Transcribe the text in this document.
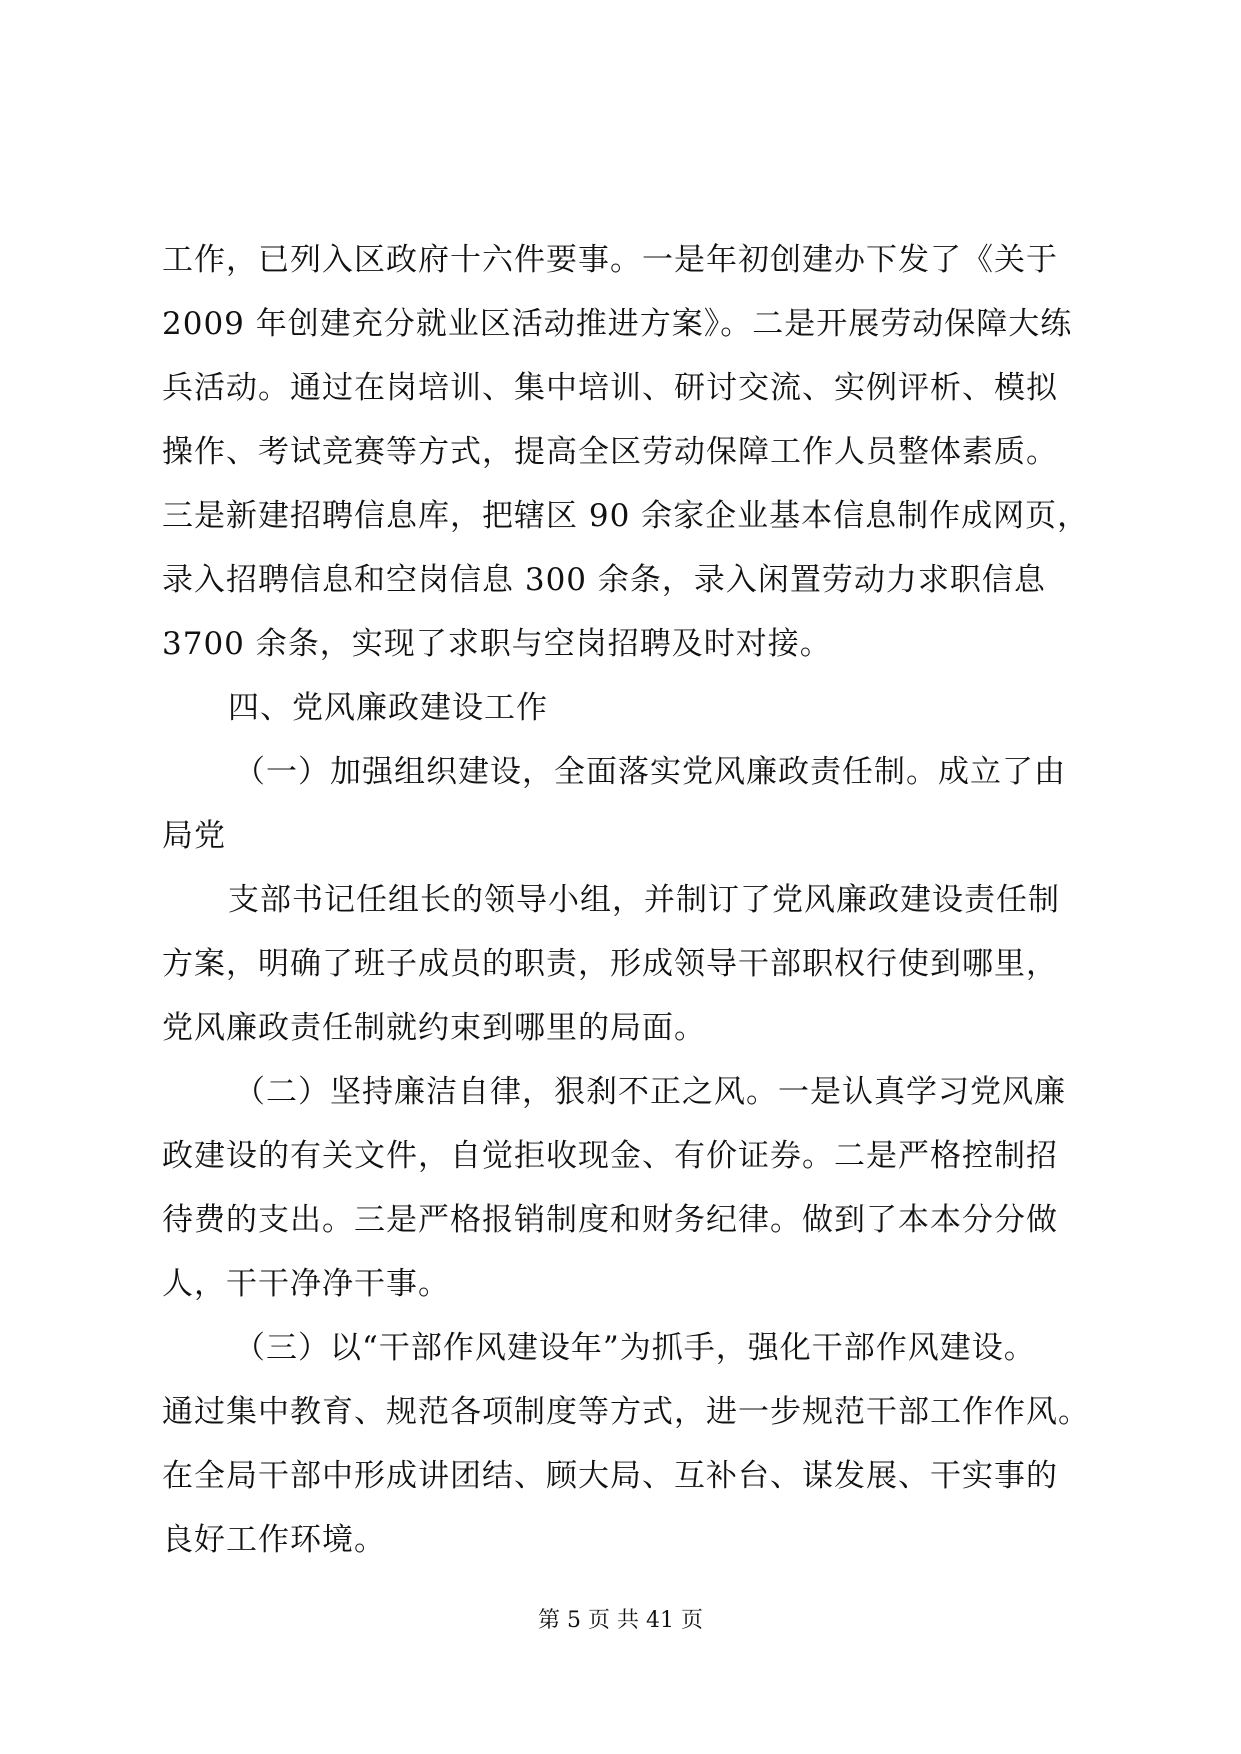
工作，已列入区政府十六件要事。一是年初创建办下发了《关于
2009 年创建充分就业区活动推进方案》。二是开展劳动保障大练
兵活动。通过在岗培训、集中培训、研讨交流、实例评析、模拟
操作、考试竞赛等方式，提高全区劳动保障工作人员整体素质。
三是新建招聘信息库，把辖区 90 余家企业基本信息制作成网页，
录入招聘信息和空岗信息 300 余条，录入闲置劳动力求职信息
3700 余条，实现了求职与空岗招聘及时对接。
四、党风廉政建设工作
（一）加强组织建设，全面落实党风廉政责任制。成立了由
局党
支部书记任组长的领导小组，并制订了党风廉政建设责任制
方案，明确了班子成员的职责，形成领导干部职权行使到哪里，
党风廉政责任制就约束到哪里的局面。
（二）坚持廉洁自律，狠刹不正之风。一是认真学习党风廉
政建设的有关文件，自觉拒收现金、有价证券。二是严格控制招
待费的支出。三是严格报销制度和财务纪律。做到了本本分分做
人，干干净净干事。
（三）以“干部作风建设年”为抓手，强化干部作风建设。
通过集中教育、规范各项制度等方式，进一步规范干部工作作风。
在全局干部中形成讲团结、顾大局、互补台、谋发展、干实事的
良好工作环境。
第 5 页 共 41 页
